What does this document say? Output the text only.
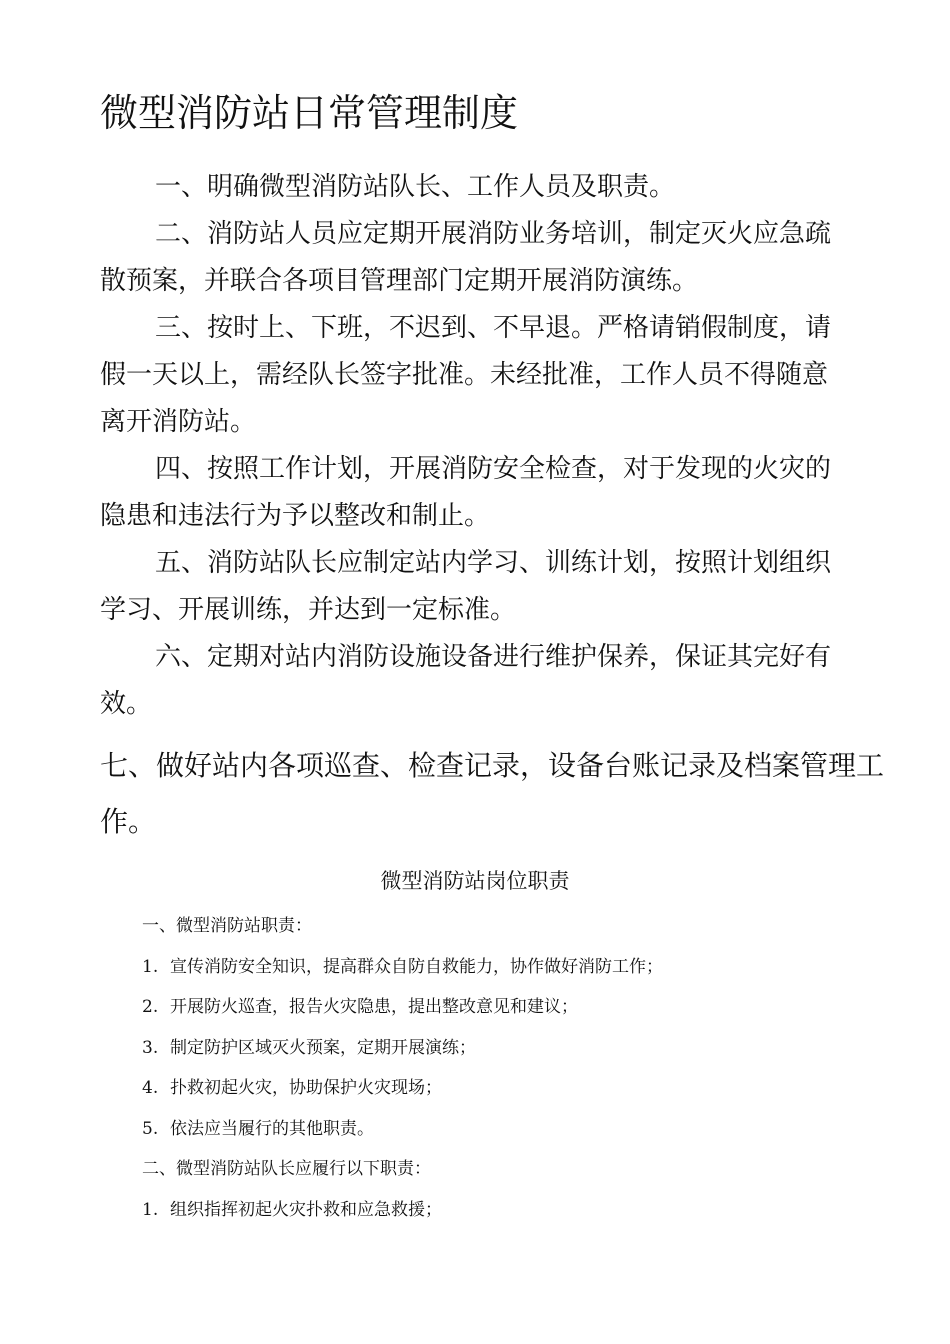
微型消防站日常管理制度

一、明确微型消防站队长、工作人员及职责。

二、消防站人员应定期开展消防业务培训，制定灭火应急疏

散预案，并联合各项目管理部门定期开展消防演练。

三、按时上、下班，不迟到、不早退。严格请销假制度，请

假一天以上，需经队长签字批准。未经批准，工作人员不得随意

离开消防站。

四、按照工作计划，开展消防安全检查，对于发现的火灾的

隐患和违法行为予以整改和制止。

五、消防站队长应制定站内学习、训练计划，按照计划组织

学习、开展训练，并达到一定标准。

六、定期对站内消防设施设备进行维护保养，保证其完好有

效。

七、做好站内各项巡查、检查记录，设备台账记录及档案管理工

作。

微型消防站岗位职责

一、微型消防站职责：

1. 宣传消防安全知识，提高群众自防自救能力，协作做好消防工作；

2. 开展防火巡查，报告火灾隐患，提出整改意见和建议；

3. 制定防护区域灭火预案，定期开展演练；

4. 扑救初起火灾，协助保护火灾现场；

5. 依法应当履行的其他职责。

二、微型消防站队长应履行以下职责：

1. 组织指挥初起火灾扑救和应急救援；
